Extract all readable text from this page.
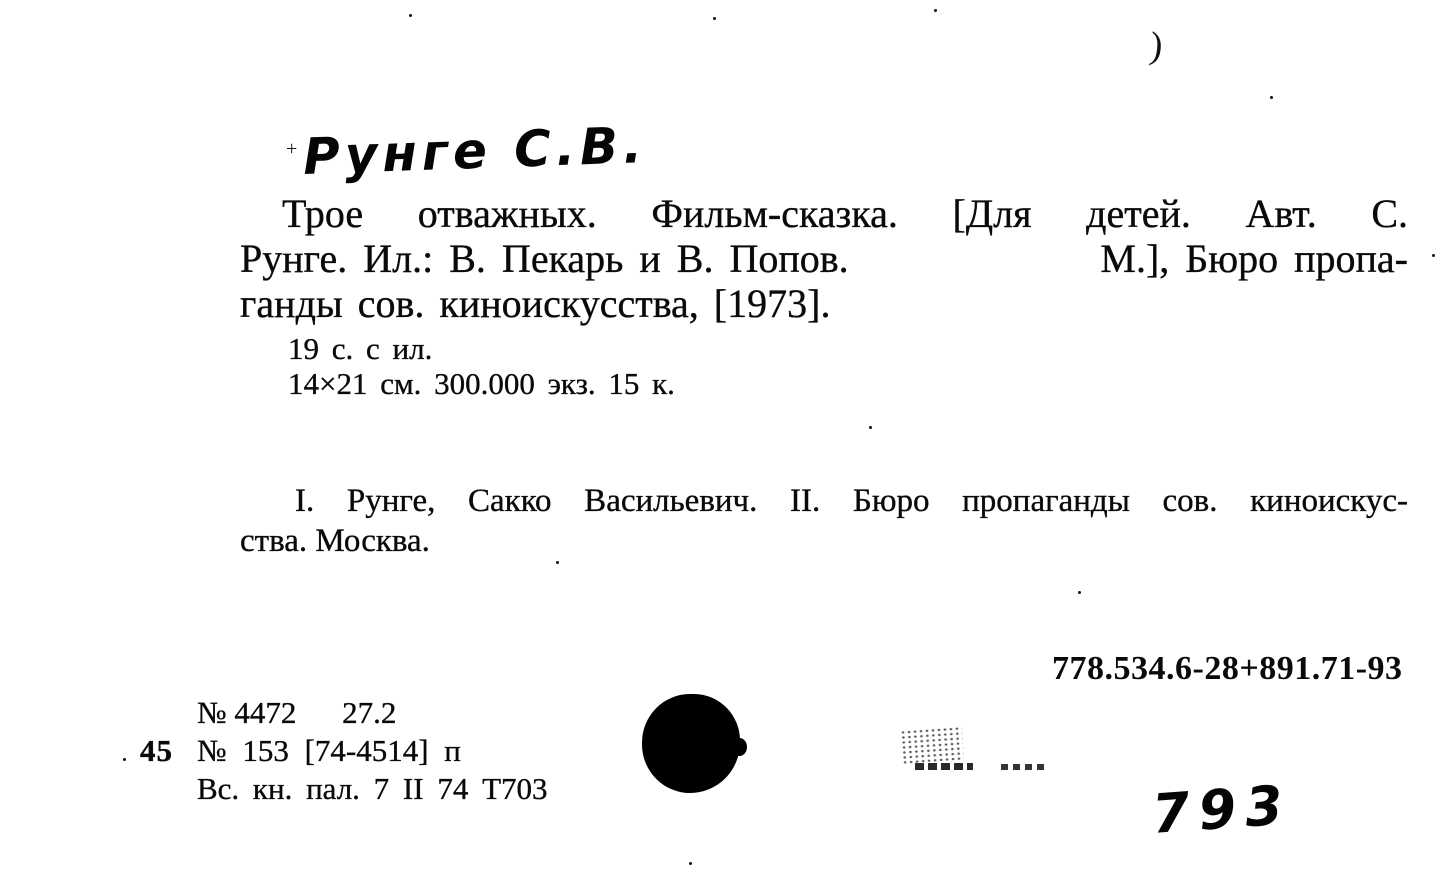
Рунге С.В.
Трое отважных. Фильм-сказка. [Для детей. Авт. С.
Рунге. Ил.: В. Пекарь и В. Попов.	М.], Бюро пропа-
ганды сов. киноискусства, [1973].
19 с. с ил.
14×21 см. 300.000 экз. 15 к.
I. Рунге, Сакко Васильевич. II. Бюро пропаганды сов. киноискус-
ства. Москва.
778.534.6-28+891.71-93
№ 4472 27.2
45 № 153 [74-4514] п
Вс. кн. пал. 7 II 74 Т703	793
)
+
